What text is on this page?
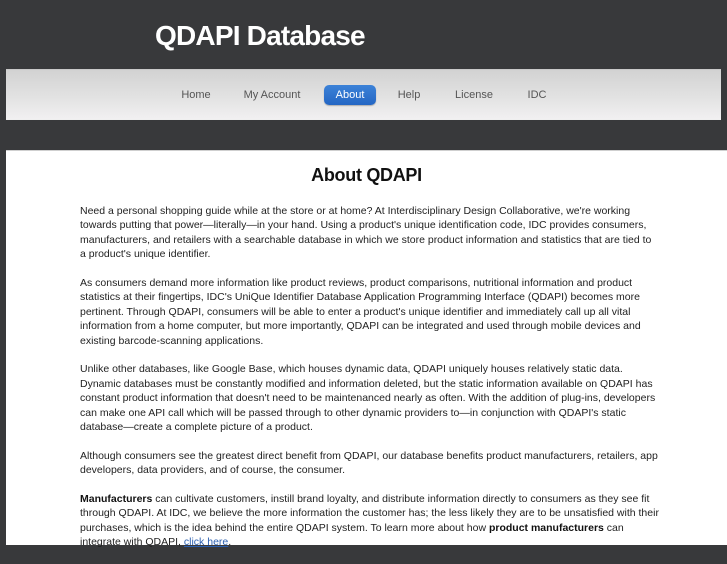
QDAPI Database
Home	My Account	About	Help	License	IDC
About QDAPI

Need a personal shopping guide while at the store or at home? At Interdisciplinary Design Collaborative, we're working towards putting that power—literally—in your hand. Using a product's unique identification code, IDC provides consumers, manufacturers, and retailers with a searchable database in which we store product information and statistics that are tied to a product's unique identifier.

As consumers demand more information like product reviews, product comparisons, nutritional information and product statistics at their fingertips, IDC's UniQue Identifier Database Application Programming Interface (QDAPI) becomes more pertinent. Through QDAPI, consumers will be able to enter a product's unique identifier and immediately call up all vital information from a home computer, but more importantly, QDAPI can be integrated and used through mobile devices and existing barcode-scanning applications.

Unlike other databases, like Google Base, which houses dynamic data, QDAPI uniquely houses relatively static data. Dynamic databases must be constantly modified and information deleted, but the static information available on QDAPI has constant product information that doesn't need to be maintenanced nearly as often. With the addition of plug-ins, developers can make one API call which will be passed through to other dynamic providers to—in conjunction with QDAPI's static database—create a complete picture of a product.

Although consumers see the greatest direct benefit from QDAPI, our database benefits product manufacturers, retailers, app developers, data providers, and of course, the consumer.

Manufacturers can cultivate customers, instill brand loyalty, and distribute information directly to consumers as they see fit through QDAPI. At IDC, we believe the more information the customer has; the less likely they are to be unsatisfied with their purchases, which is the idea behind the entire QDAPI system. To learn more about how product manufacturers can integrate with QDAPI, click here.
